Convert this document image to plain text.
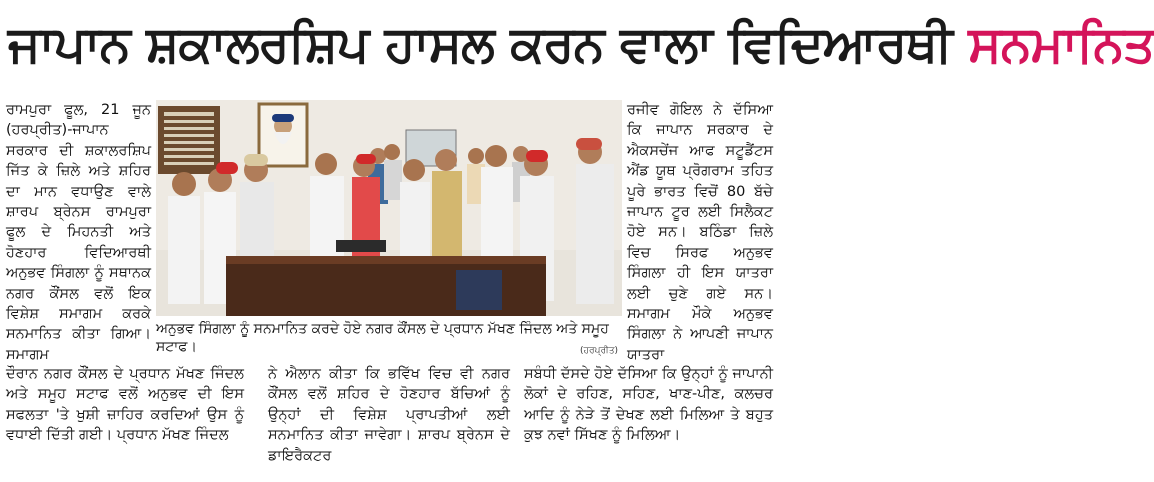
ਜਾਪਾਨ ਸ਼ਕਾਲਰਸ਼ਿਪ ਹਾਸਲ ਕਰਨ ਵਾਲਾ ਵਿਦਿਆਰਥੀ ਸਨਮਾਨਿਤ

ਰਾਮਪੁਰਾ ਫੂਲ, 21 ਜੂਨ (ਹਰਪ੍ਰੀਤ)-ਜਾਪਾਨ ਸਰਕਾਰ ਦੀ ਸ਼ਕਾਲਰਸ਼ਿਪ ਜਿੱਤ ਕੇ ਜ਼ਿਲੇ ਅਤੇ ਸ਼ਹਿਰ ਦਾ ਮਾਨ ਵਧਾਉਣ ਵਾਲੇ ਸ਼ਾਰਪ ਬ੍ਰੇਨਸ ਰਾਮਪੁਰਾ ਫੂਲ ਦੇ ਮਿਹਨਤੀ ਅਤੇ ਹੋਣਹਾਰ ਵਿਦਿਆਰਥੀ ਅਨੁਭਵ ਸਿੰਗਲਾ ਨੂੰ ਸਥਾਨਕ ਨਗਰ ਕੌਂਸਲ ਵਲੋਂ ਇਕ ਵਿਸ਼ੇਸ਼ ਸਮਾਗਮ ਕਰਕੇ ਸਨਮਾਨਿਤ ਕੀਤਾ ਗਿਆ। ਸਮਾਗਮ

ਅਨੁਭਵ ਸਿੰਗਲਾ ਨੂੰ ਸਨਮਾਨਿਤ ਕਰਦੇ ਹੋਏ ਨਗਰ ਕੌਂਸਲ ਦੇ ਪ੍ਰਧਾਨ ਮੱਖਣ ਜਿੰਦਲ ਅਤੇ ਸਮੂਹ ਸਟਾਫ।	(ਹਰਪ੍ਰੀਤ)

ਰਜੀਵ ਗੋਇਲ ਨੇ ਦੱਸਿਆ ਕਿ ਜਾਪਾਨ ਸਰਕਾਰ ਦੇ ਐਕਸਚੇਂਜ ਆਫ ਸਟੂਡੈਂਟਸ ਐਂਡ ਯੂਥ ਪ੍ਰੋਗਰਾਮ ਤਹਿਤ ਪੂਰੇ ਭਾਰਤ ਵਿਚੋਂ 80 ਬੱਚੇ ਜਾਪਾਨ ਟੂਰ ਲਈ ਸਿਲੈਕਟ ਹੋਏ ਸਨ। ਬਠਿੰਡਾ ਜ਼ਿਲੇ ਵਿਚ ਸਿਰਫ ਅਨੁਭਵ ਸਿੰਗਲਾ ਹੀ ਇਸ ਯਾਤਰਾ ਲਈ ਚੁਣੇ ਗਏ ਸਨ। ਸਮਾਗਮ ਮੌਕੇ ਅਨੁਭਵ ਸਿੰਗਲਾ ਨੇ ਆਪਣੀ ਜਾਪਾਨ ਯਾਤਰਾ

ਦੌਰਾਨ ਨਗਰ ਕੌਂਸਲ ਦੇ ਪ੍ਰਧਾਨ ਮੱਖਣ ਜਿੰਦਲ ਅਤੇ ਸਮੂਹ ਸਟਾਫ ਵਲੋਂ ਅਨੁਭਵ ਦੀ ਇਸ ਸਫਲਤਾ 'ਤੇ ਖੁਸ਼ੀ ਜ਼ਾਹਿਰ ਕਰਦਿਆਂ ਉਸ ਨੂੰ ਵਧਾਈ ਦਿੱਤੀ ਗਈ। ਪ੍ਰਧਾਨ ਮੱਖਣ ਜਿੰਦਲ

ਨੇ ਐਲਾਨ ਕੀਤਾ ਕਿ ਭਵਿੱਖ ਵਿਚ ਵੀ ਨਗਰ ਕੌਂਸਲ ਵਲੋਂ ਸ਼ਹਿਰ ਦੇ ਹੋਣਹਾਰ ਬੱਚਿਆਂ ਨੂੰ ਉਨ੍ਹਾਂ ਦੀ ਵਿਸ਼ੇਸ਼ ਪ੍ਰਾਪਤੀਆਂ ਲਈ ਸਨਮਾਨਿਤ ਕੀਤਾ ਜਾਵੇਗਾ। ਸ਼ਾਰਪ ਬ੍ਰੇਨਸ ਦੇ ਡਾਇਰੈਕਟਰ

ਸਬੰਧੀ ਦੱਸਦੇ ਹੋਏ ਦੱਸਿਆ ਕਿ ਉਨ੍ਹਾਂ ਨੂੰ ਜਾਪਾਨੀ ਲੋਕਾਂ ਦੇ ਰਹਿਣ, ਸਹਿਣ, ਖਾਣ-ਪੀਣ, ਕਲਚਰ ਆਦਿ ਨੂੰ ਨੇੜੇ ਤੋਂ ਦੇਖਣ ਲਈ ਮਿਲਿਆ ਤੇ ਬਹੁਤ ਕੁਝ ਨਵਾਂ ਸਿੱਖਣ ਨੂੰ ਮਿਲਿਆ।
